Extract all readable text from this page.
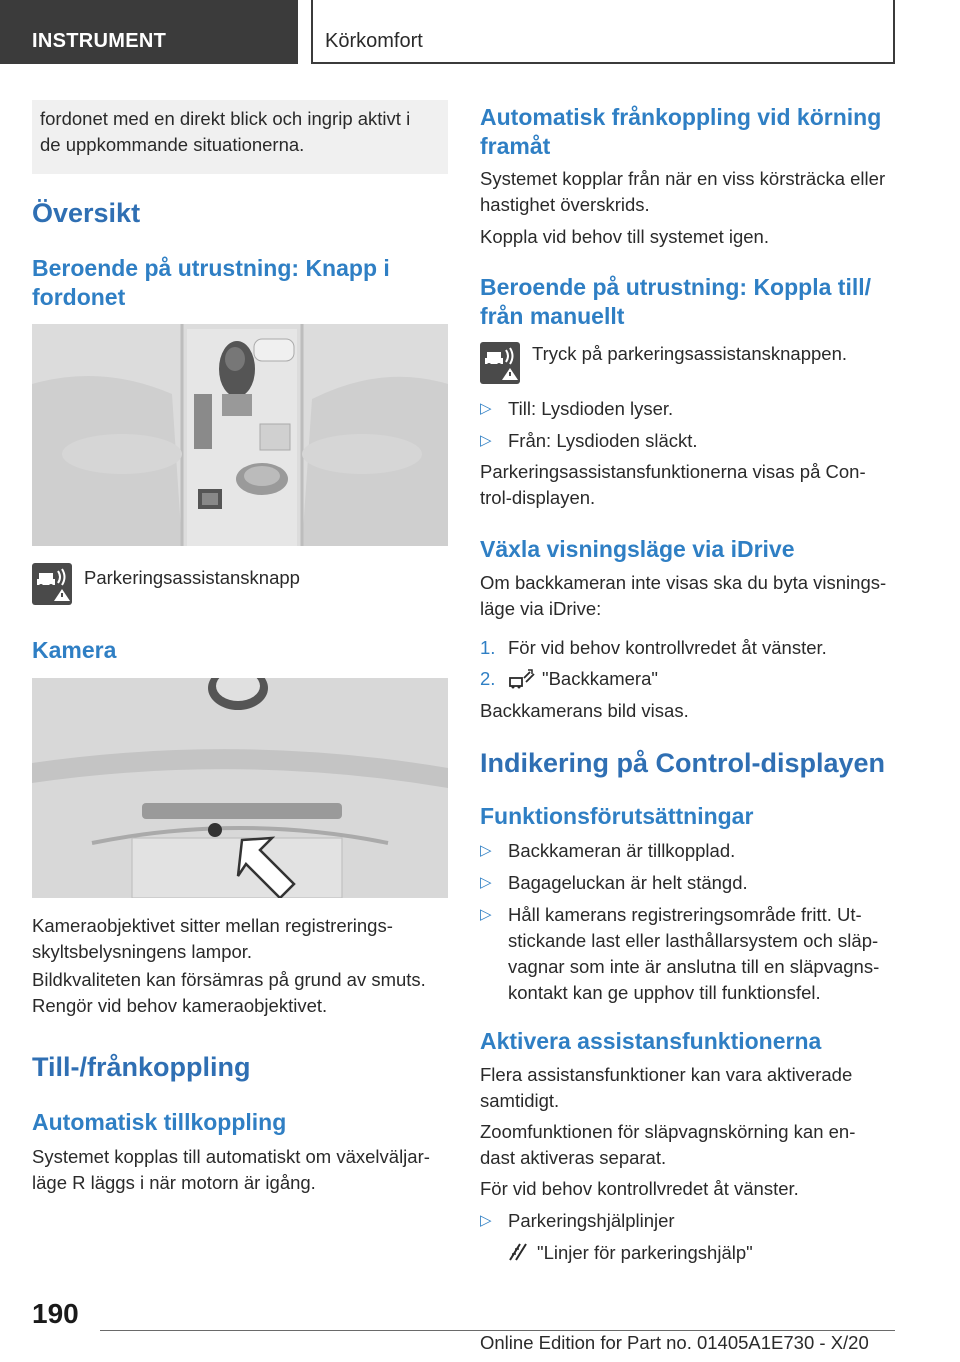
INSTRUMENT	Körkomfort
fordonet med en direkt blick och ingrip aktivt i
de uppkommande situationerna.
Översikt
Beroende på utrustning: Knapp i
fordonet
Parkeringsassistansknapp
Kamera
Kameraobjektivet sitter mellan registrerings-
skyltsbelysningens lampor.
Bildkvaliteten kan försämras på grund av smuts.
Rengör vid behov kameraobjektivet.
Till-/frånkoppling
Automatisk tillkoppling
Systemet kopplas till automatiskt om växelväljar-
läge R läggs i när motorn är igång.
Automatisk frånkoppling vid körning
framåt
Systemet kopplar från när en viss körsträcka eller
hastighet överskrids.
Koppla vid behov till systemet igen.
Beroende på utrustning: Koppla till/
från manuellt
Tryck på parkeringsassistansknappen.
▷ Till: Lysdioden lyser.
▷ Från: Lysdioden släckt.
Parkeringsassistansfunktionerna visas på Con-
trol-displayen.
Växla visningsläge via iDrive
Om backkameran inte visas ska du byta visnings-
läge via iDrive:
1. För vid behov kontrollvredet åt vänster.
2.	"Backkamera"
Backkamerans bild visas.
Indikering på Control-displayen
Funktionsförutsättningar
▷ Backkameran är tillkopplad.
▷ Bagageluckan är helt stängd.
▷ Håll kamerans registreringsområde fritt. Ut-
stickande last eller lasthållarsystem och släp-
vagnar som inte är anslutna till en släpvagns-
kontakt kan ge upphov till funktionsfel.
Aktivera assistansfunktionerna
Flera assistansfunktioner kan vara aktiverade
samtidigt.
Zoomfunktionen för släpvagnskörning kan en-
dast aktiveras separat.
För vid behov kontrollvredet åt vänster.
▷ Parkeringshjälplinjer
"Linjer för parkeringshjälp"
190
Online Edition for Part no. 01405A1E730 - X/20
